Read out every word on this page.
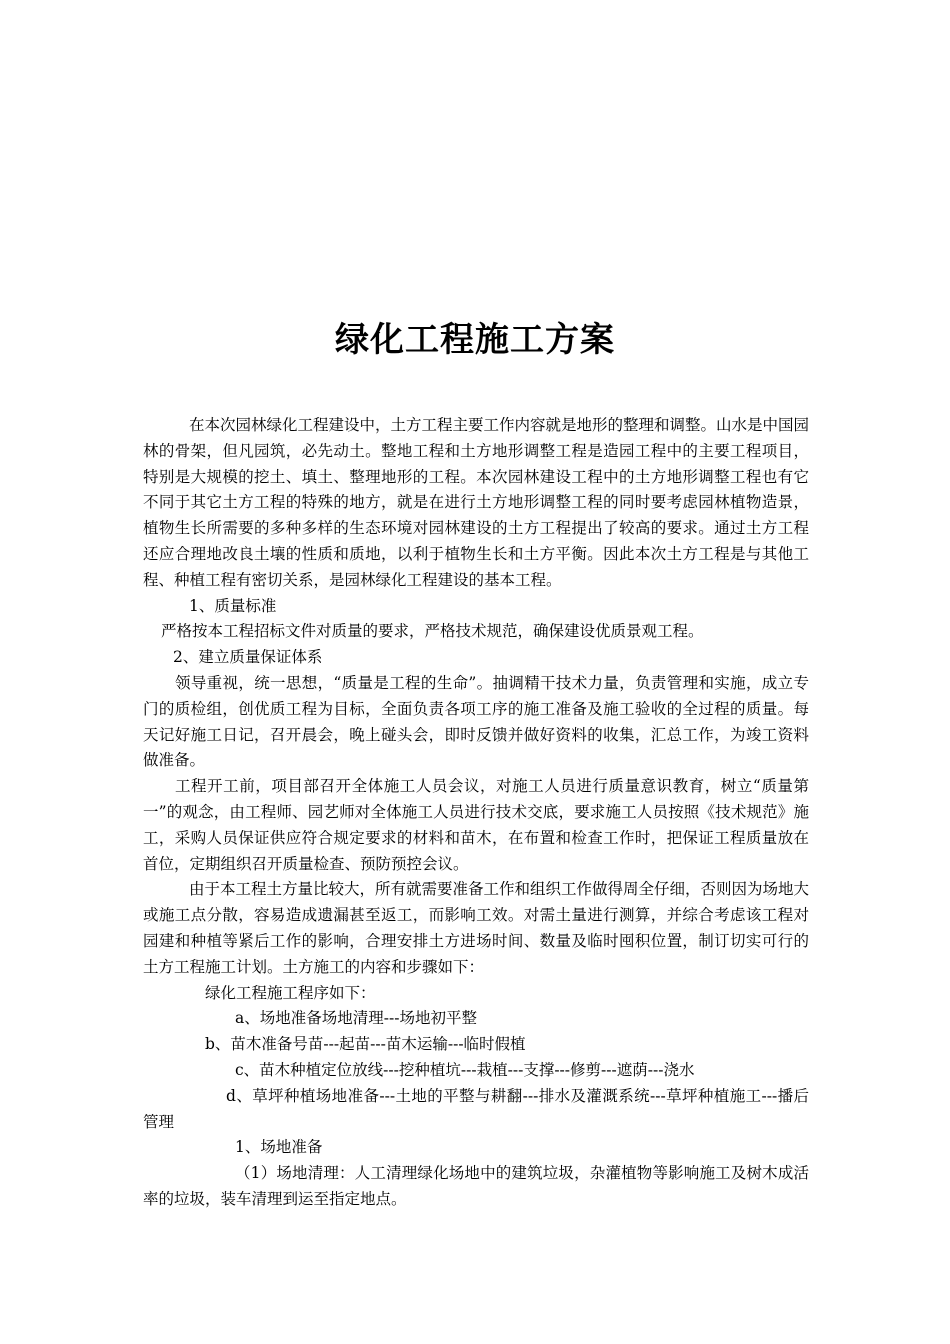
绿化工程施工方案

在本次园林绿化工程建设中，土方工程主要工作内容就是地形的整理和调整。山水是中国园林的骨架，但凡园筑，必先动土。整地工程和土方地形调整工程是造园工程中的主要工程项目，特别是大规模的挖土、填土、整理地形的工程。本次园林建设工程中的土方地形调整工程也有它不同于其它土方工程的特殊的地方，就是在进行土方地形调整工程的同时要考虑园林植物造景，植物生长所需要的多种多样的生态环境对园林建设的土方工程提出了较高的要求。通过土方工程还应合理地改良土壤的性质和质地，以利于植物生长和土方平衡。因此本次土方工程是与其他工程、种植工程有密切关系，是园林绿化工程建设的基本工程。

1、质量标准

严格按本工程招标文件对质量的要求，严格技术规范，确保建设优质景观工程。

2、建立质量保证体系

领导重视，统一思想，“质量是工程的生命”。抽调精干技术力量，负责管理和实施，成立专门的质检组，创优质工程为目标，全面负责各项工序的施工准备及施工验收的全过程的质量。每天记好施工日记，召开晨会，晚上碰头会，即时反馈并做好资料的收集，汇总工作，为竣工资料做准备。

工程开工前，项目部召开全体施工人员会议，对施工人员进行质量意识教育，树立“质量第一”的观念，由工程师、园艺师对全体施工人员进行技术交底，要求施工人员按照《技术规范》施工，采购人员保证供应符合规定要求的材料和苗木，在布置和检查工作时，把保证工程质量放在首位，定期组织召开质量检查、预防预控会议。

由于本工程土方量比较大，所有就需要准备工作和组织工作做得周全仔细，否则因为场地大或施工点分散，容易造成遗漏甚至返工，而影响工效。对需土量进行测算，并综合考虑该工程对园建和种植等紧后工作的影响，合理安排土方进场时间、数量及临时囤积位置，制订切实可行的土方工程施工计划。土方施工的内容和步骤如下：

绿化工程施工程序如下：

a、场地准备场地清理---场地初平整

b、苗木准备号苗---起苗---苗木运输---临时假植

c、苗木种植定位放线---挖种植坑---栽植---支撑---修剪---遮荫---浇水

d、草坪种植场地准备---土地的平整与耕翻---排水及灌溉系统---草坪种植施工---播后管理

1、场地准备

（1）场地清理：人工清理绿化场地中的建筑垃圾，杂灌植物等影响施工及树木成活率的垃圾，装车清理到运至指定地点。
